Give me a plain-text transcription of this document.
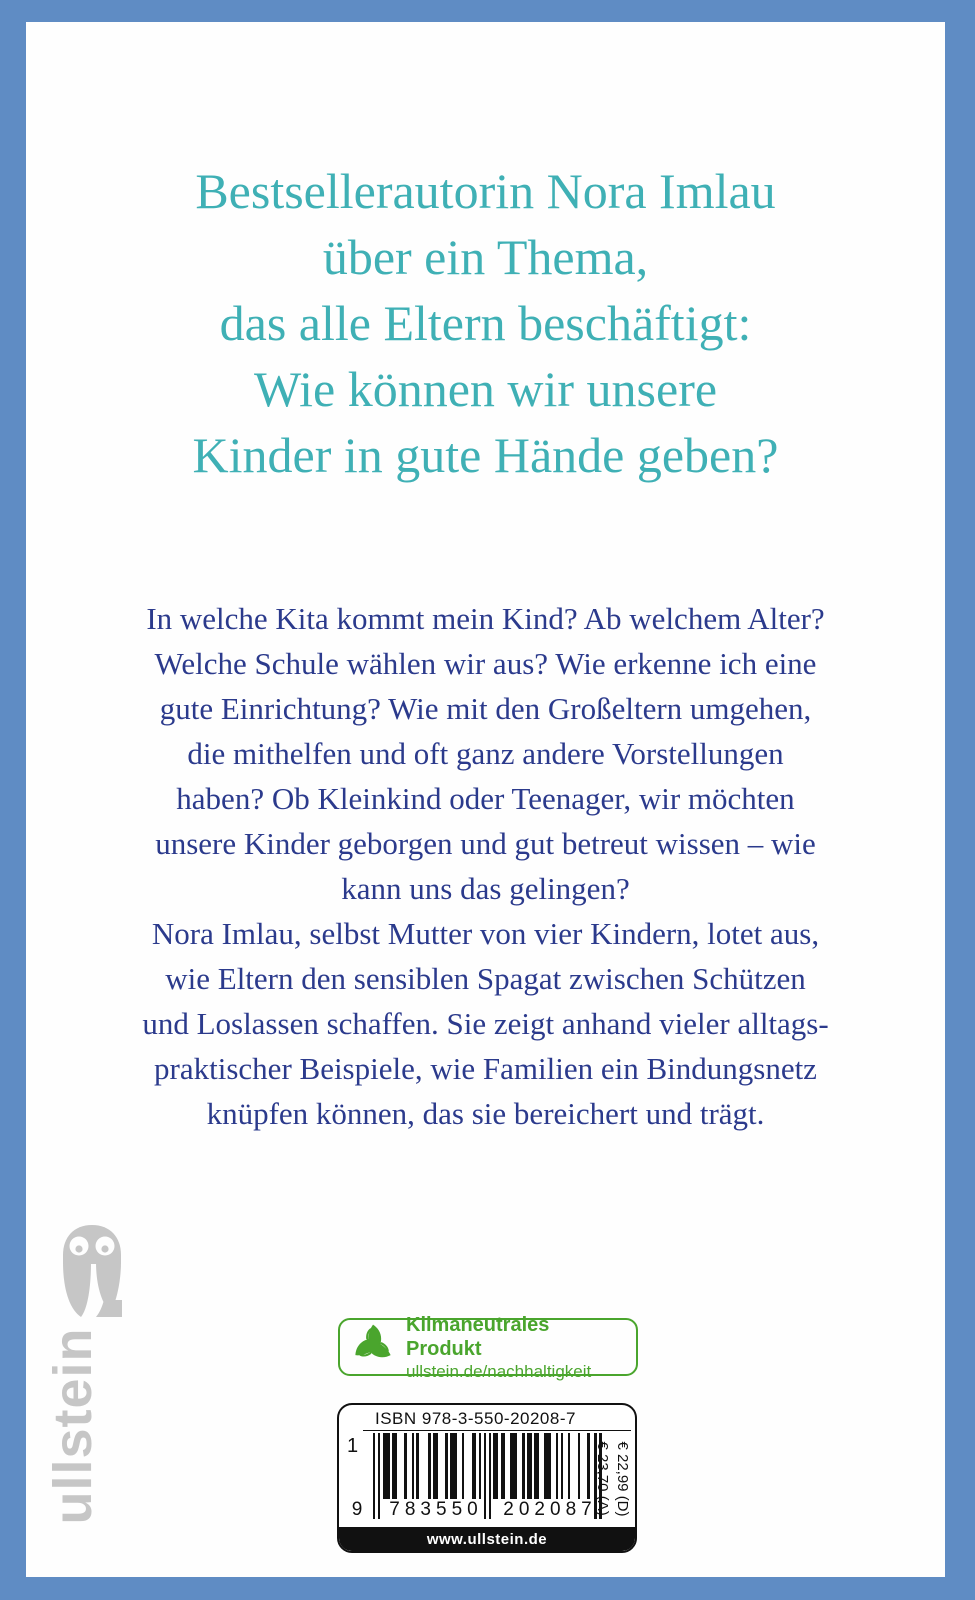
Bestsellerautorin Nora Imlau
über ein Thema,
das alle Eltern beschäftigt:
Wie können wir unsere
Kinder in gute Hände geben?
In welche Kita kommt mein Kind? Ab welchem Alter?
Welche Schule wählen wir aus? Wie erkenne ich eine
gute Einrichtung? Wie mit den Großeltern umgehen,
die mithelfen und oft ganz andere Vorstellungen
haben? Ob Kleinkind oder Teenager, wir möchten
unsere Kinder geborgen und gut betreut wissen – wie
kann uns das gelingen?
Nora Imlau, selbst Mutter von vier Kindern, lotet aus,
wie Eltern den sensiblen Spagat zwischen Schützen
und Loslassen schaffen. Sie zeigt anhand vieler alltags-
praktischer Beispiele, wie Familien ein Bindungsnetz
knüpfen können, das sie bereichert und trägt.
ullstein
Klimaneutrales Produkt
ullstein.de/nachhaltigkeit
ISBN 978-3-550-20208-7
1
9	783550	202087	€ 22,99 (D)
€ 23,70 (A)
www.ullstein.de
